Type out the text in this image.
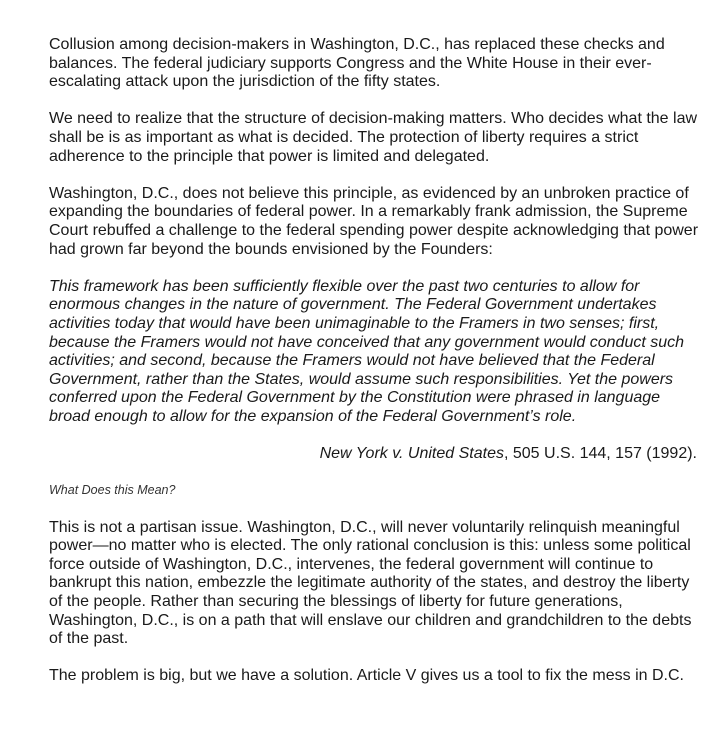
Collusion among decision-makers in Washington, D.C., has replaced these checks and balances. The federal judiciary supports Congress and the White House in their ever-escalating attack upon the jurisdiction of the fifty states.

We need to realize that the structure of decision-making matters. Who decides what the law shall be is as important as what is decided. The protection of liberty requires a strict adherence to the principle that power is limited and delegated.

Washington, D.C., does not believe this principle, as evidenced by an unbroken practice of expanding the boundaries of federal power. In a remarkably frank admission, the Supreme Court rebuffed a challenge to the federal spending power despite acknowledging that power had grown far beyond the bounds envisioned by the Founders:

This framework has been sufficiently flexible over the past two centuries to allow for enormous changes in the nature of government. The Federal Government undertakes activities today that would have been unimaginable to the Framers in two senses; first, because the Framers would not have conceived that any government would conduct such activities; and second, because the Framers would not have believed that the Federal Government, rather than the States, would assume such responsibilities. Yet the powers conferred upon the Federal Government by the Constitution were phrased in language broad enough to allow for the expansion of the Federal Government’s role.

New York v. United States, 505 U.S. 144, 157 (1992).

What Does this Mean?

This is not a partisan issue. Washington, D.C., will never voluntarily relinquish meaningful power—no matter who is elected. The only rational conclusion is this: unless some political force outside of Washington, D.C., intervenes, the federal government will continue to bankrupt this nation, embezzle the legitimate authority of the states, and destroy the liberty of the people. Rather than securing the blessings of liberty for future generations, Washington, D.C., is on a path that will enslave our children and grandchildren to the debts of the past.

The problem is big, but we have a solution. Article V gives us a tool to fix the mess in D.C.
